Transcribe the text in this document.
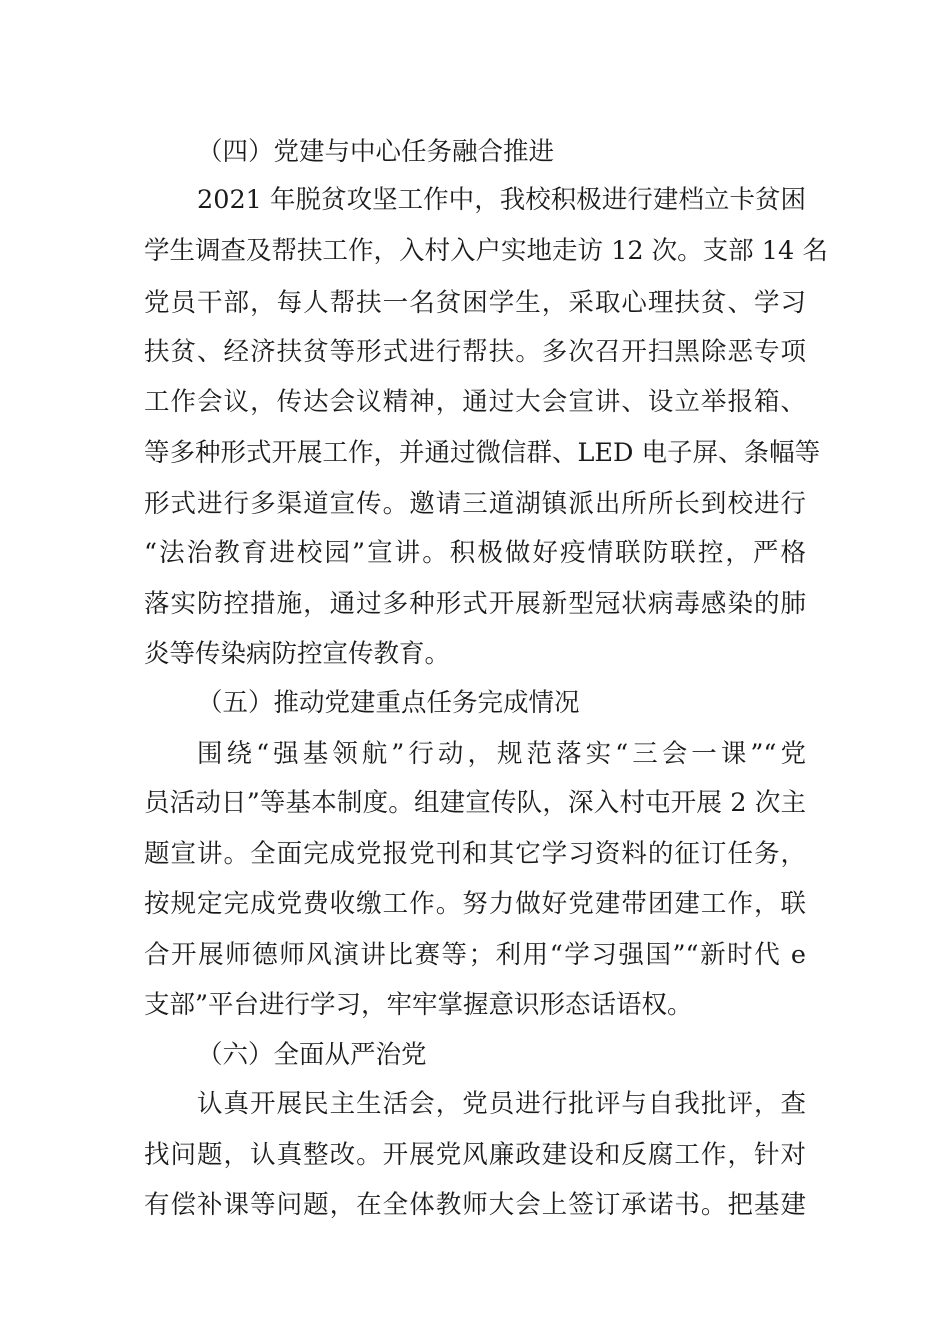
（四）党建与中心任务融合推进
2021 年脱贫攻坚工作中，我校积极进行建档立卡贫困
学生调查及帮扶工作，入村入户实地走访 12 次。支部 14 名
党员干部，每人帮扶一名贫困学生，采取心理扶贫、学习
扶贫、经济扶贫等形式进行帮扶。多次召开扫黑除恶专项
工作会议，传达会议精神，通过大会宣讲、设立举报箱、
等多种形式开展工作，并通过微信群、LED 电子屏、条幅等
形式进行多渠道宣传。邀请三道湖镇派出所所长到校进行
“法治教育进校园”宣讲。积极做好疫情联防联控，严格
落实防控措施，通过多种形式开展新型冠状病毒感染的肺
炎等传染病防控宣传教育。
（五）推动党建重点任务完成情况
围绕“强基领航”行动，规范落实“三会一课”“党
员活动日”等基本制度。组建宣传队，深入村屯开展 2 次主
题宣讲。全面完成党报党刊和其它学习资料的征订任务，
按规定完成党费收缴工作。努力做好党建带团建工作，联
合开展师德师风演讲比赛等；利用“学习强国”“新时代 e
支部”平台进行学习，牢牢掌握意识形态话语权。
（六）全面从严治党
认真开展民主生活会，党员进行批评与自我批评，查
找问题，认真整改。开展党风廉政建设和反腐工作，针对
有偿补课等问题，在全体教师大会上签订承诺书。把基建
